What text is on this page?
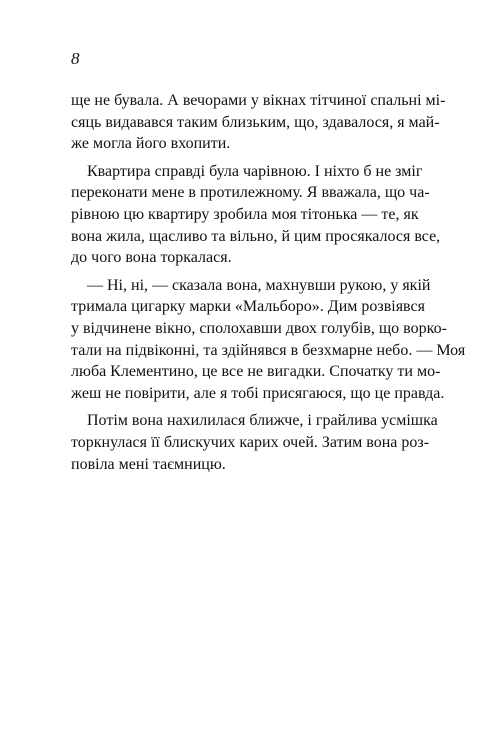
8

ще не бувала. А вечорами у вікнах тітчиної спальні мі-
сяць видавався таким близьким, що, здавалося, я май-
же могла його вхопити.
Квартира справді була чарівною. І ніхто б не зміг
переконати мене в протилежному. Я вважала, що ча-
рівною цю квартиру зробила моя тітонька — те, як
вона жила, щасливо та вільно, й цим просякалося все,
до чого вона торкалася.
— Ні, ні, — сказала вона, махнувши рукою, у якій
тримала цигарку марки «Мальборо». Дим розвіявся
у відчинене вікно, сполохавши двох голубів, що ворко-
тали на підвіконні, та здійнявся в безхмарне небо. — Моя
люба Клементино, це все не вигадки. Спочатку ти мо-
жеш не повірити, але я тобі присягаюся, що це правда.
Потім вона нахилилася ближче, і грайлива усмішка
торкнулася її блискучих карих очей. Затим вона роз-
повіла мені таємницю.
